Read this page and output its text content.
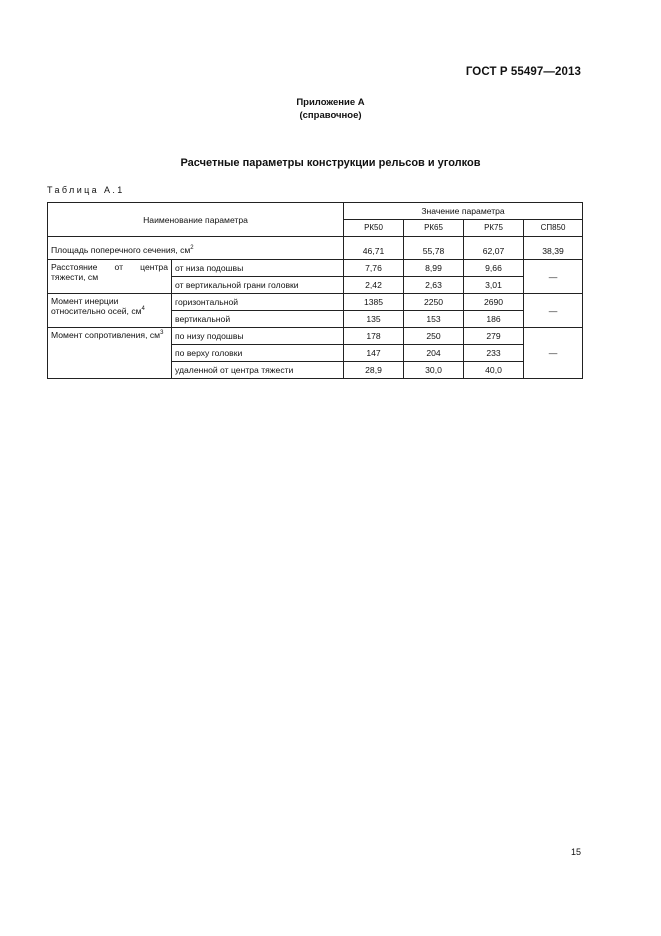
ГОСТ Р 55497—2013
Приложение А
(справочное)
Расчетные параметры конструкции рельсов и уголков
Таблица А.1
Наименование параметра		Значение параметра			
		РК50	РК65	РК75	СП850

Площадь поперечного сечения, $см^2$		46,71	55,78	62,07	38,39
Расстояние от центра тяжести, см	от низа подошвы	7,76	8,99	9,66	—
	от вертикальной грани головки	2,42	2,63	3,01	
Момент инерции относительно осей, $см^4$	горизонтальной	1385	2250	2690	—
	вертикальной	135	153	186	
Момент сопротивления, $см^3$	по низу подошвы	178	250	279	—
	по верху головки	147	204	233	
	удаленной от центра тяжести	28,9	30,0	40,0	
15
